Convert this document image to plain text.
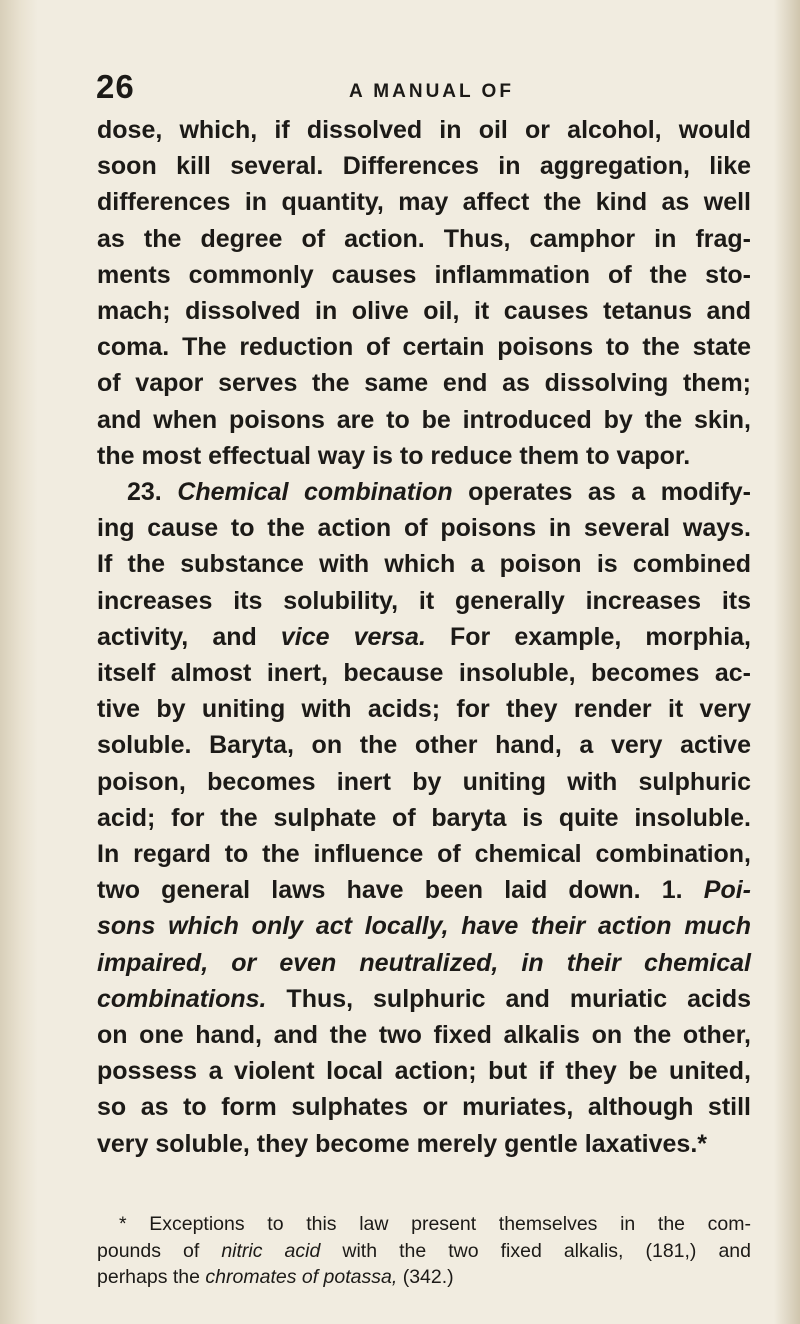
26	A MANUAL OF
dose, which, if dissolved in oil or alcohol, would
soon kill several. Differences in aggregation, like
differences in quantity, may affect the kind as well
as the degree of action. Thus, camphor in frag-
ments commonly causes inflammation of the sto-
mach; dissolved in olive oil, it causes tetanus and
coma. The reduction of certain poisons to the state
of vapor serves the same end as dissolving them;
and when poisons are to be introduced by the skin,
the most effectual way is to reduce them to vapor.
23. Chemical combination operates as a modify-
ing cause to the action of poisons in several ways.
If the substance with which a poison is combined
increases its solubility, it generally increases its
activity, and vice versa. For example, morphia,
itself almost inert, because insoluble, becomes ac-
tive by uniting with acids; for they render it very
soluble. Baryta, on the other hand, a very active
poison, becomes inert by uniting with sulphuric
acid; for the sulphate of baryta is quite insoluble.
In regard to the influence of chemical combination,
two general laws have been laid down. 1. Poi-
sons which only act locally, have their action much
impaired, or even neutralized, in their chemical
combinations. Thus, sulphuric and muriatic acids
on one hand, and the two fixed alkalis on the other,
possess a violent local action; but if they be united,
so as to form sulphates or muriates, although still
very soluble, they become merely gentle laxatives.*
* Exceptions to this law present themselves in the com-
pounds of nitric acid with the two fixed alkalis, (181,) and
perhaps the chromates of potassa, (342.)
